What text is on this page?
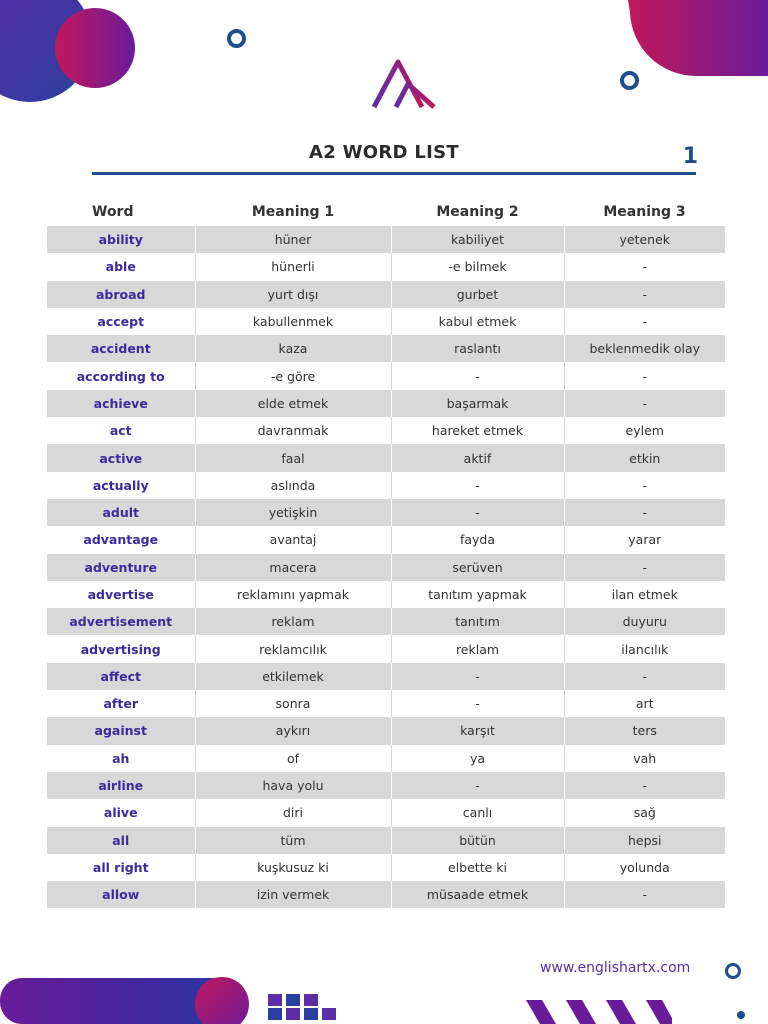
A2 WORD LIST	1
Word	Meaning 1	Meaning 2	Meaning 3
ability	hüner	kabiliyet	yetenek
able	hünerli	-e bilmek	-
abroad	yurt dışı	gurbet	-
accept	kabullenmek	kabul etmek	-
accident	kaza	raslantı	beklenmedik olay
according to	-e göre	-	-
achieve	elde etmek	başarmak	-
act	davranmak	hareket etmek	eylem
active	faal	aktif	etkin
actually	aslında	-	-
adult	yetişkin	-	-
advantage	avantaj	fayda	yarar
adventure	macera	serüven	-
advertise	reklamını yapmak	tanıtım yapmak	ilan etmek
advertisement	reklam	tanıtım	duyuru
advertising	reklamcılık	reklam	ilancılık
affect	etkilemek	-	-
after	sonra	-	art
against	aykırı	karşıt	ters
ah	of	ya	vah
airline	hava yolu	-	-
alive	diri	canlı	sağ
all	tüm	bütün	hepsi
all right	kuşkusuz ki	elbette ki	yolunda
allow	izin vermek	müsaade etmek	-
www.englishartx.com
